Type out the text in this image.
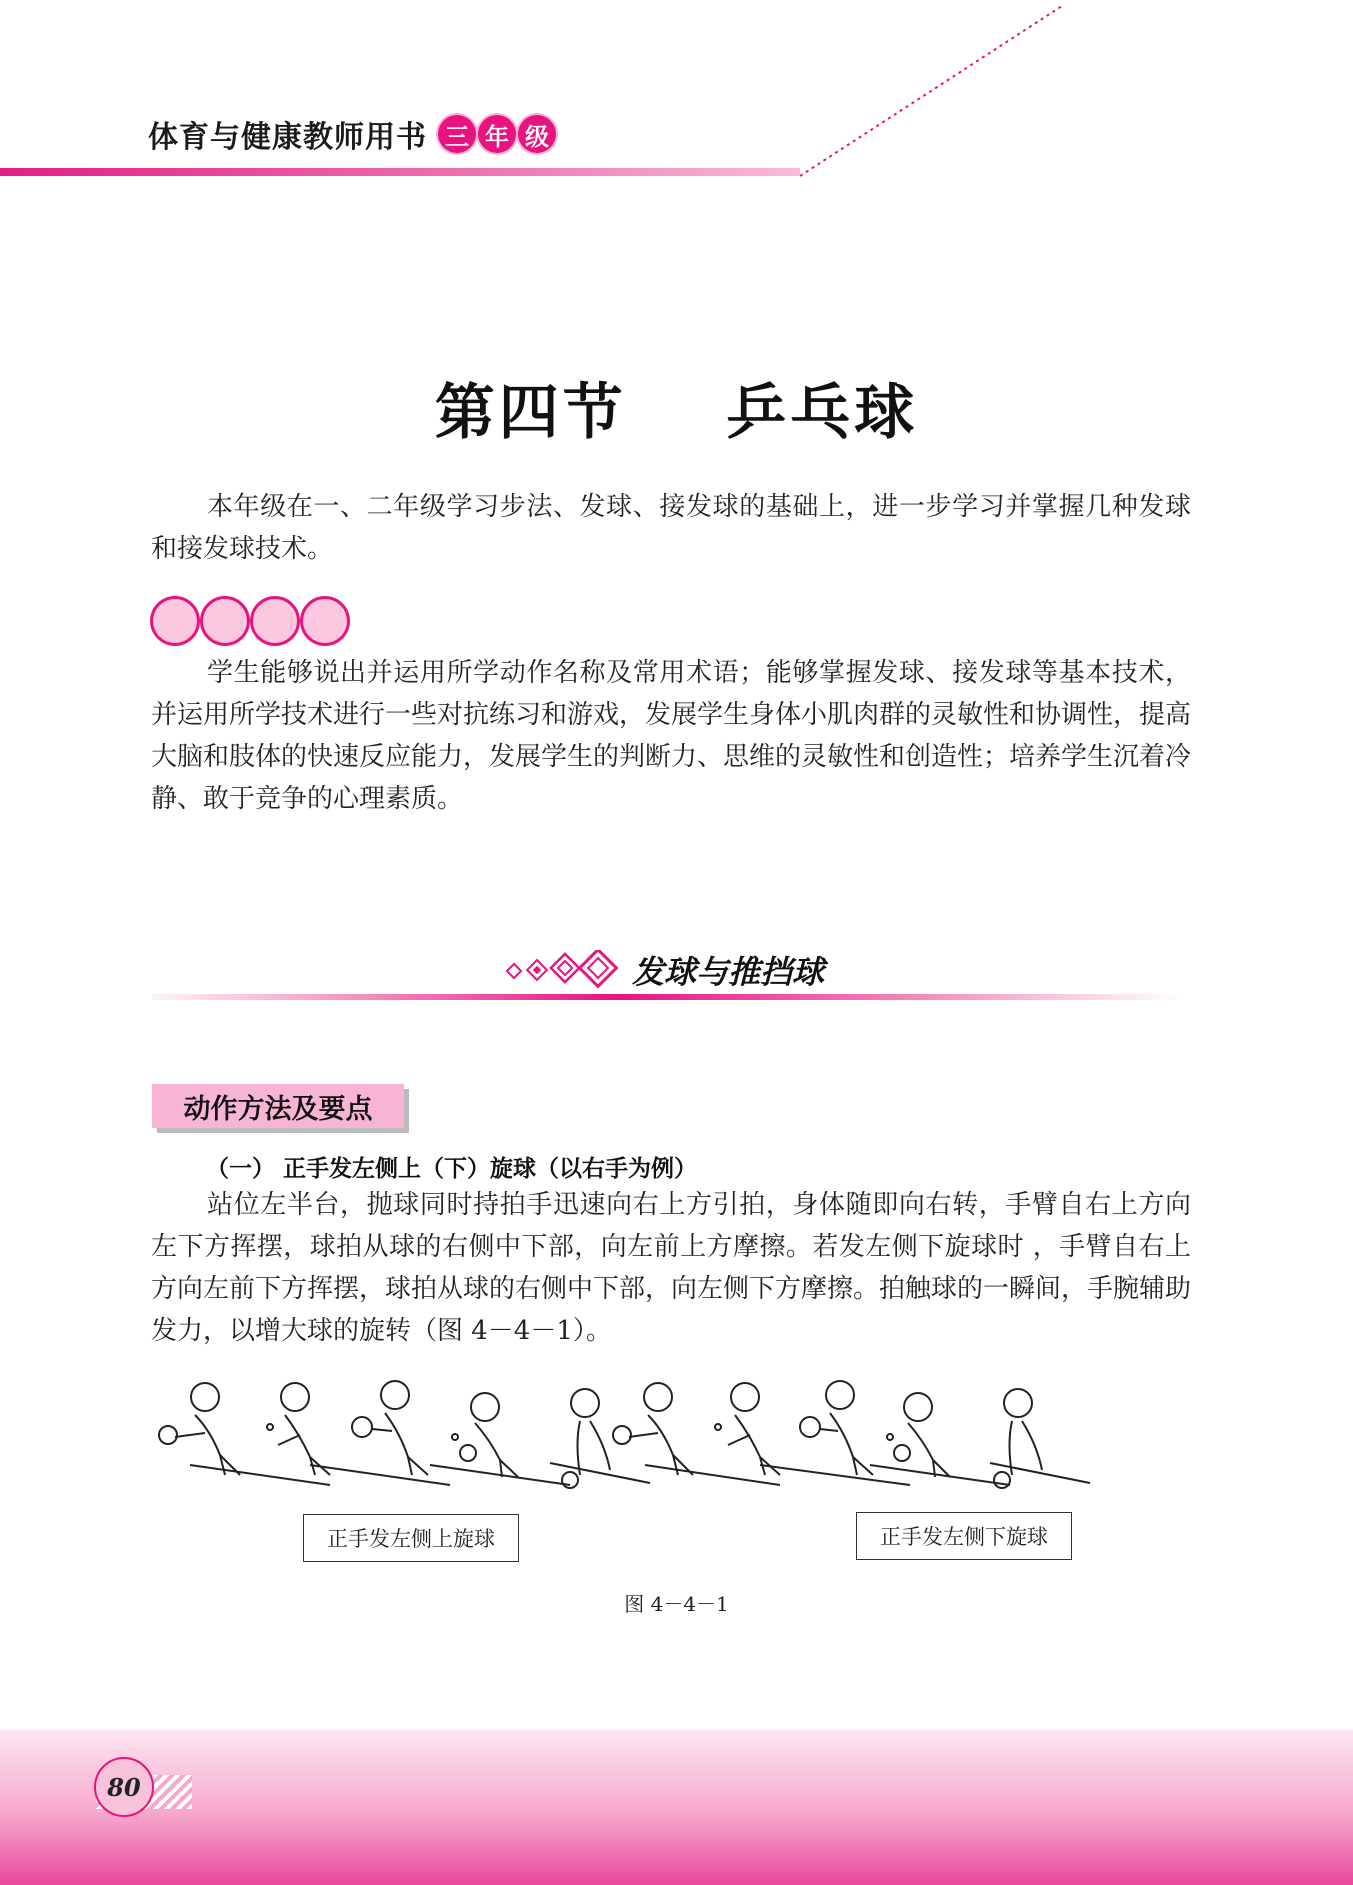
体育与健康教师用书 三 年 级
第四节    乒乓球
本年级在一、二年级学习步法、发球、接发球的基础上，进一步学习并掌握几种发球和接发球技术。
学生能够说出并运用所学动作名称及常用术语；能够掌握发球、接发球等基本技术，并运用所学技术进行一些对抗练习和游戏，发展学生身体小肌肉群的灵敏性和协调性，提高大脑和肢体的快速反应能力，发展学生的判断力、思维的灵敏性和创造性；培养学生沉着冷静、敢于竞争的心理素质。
发球与推挡球
动作方法及要点
（一） 正手发左侧上（下）旋球（以右手为例）
站位左半台，抛球同时持拍手迅速向右上方引拍，身体随即向右转，手臂自右上方向左下方挥摆，球拍从球的右侧中下部，向左前上方摩擦。若发左侧下旋球时 ，手臂自右上方向左前下方挥摆，球拍从球的右侧中下部，向左侧下方摩擦。拍触球的一瞬间，手腕辅助发力，以增大球的旋转（图 4－4－1）。
正手发左侧上旋球	正手发左侧下旋球
图 4－4－1
80
